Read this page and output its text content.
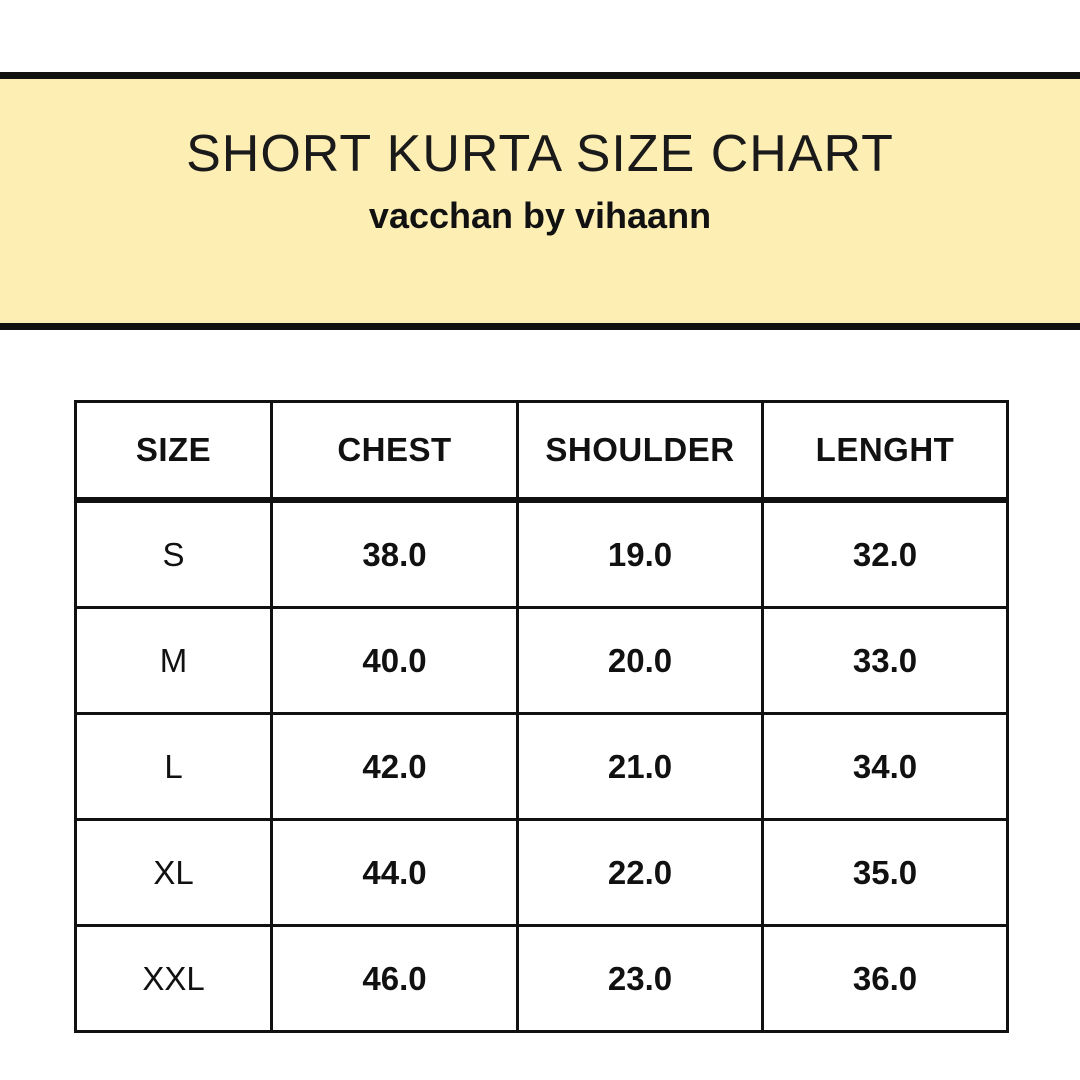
SHORT KURTA SIZE CHART
vacchan by vihaann
SIZE	CHEST	SHOULDER	LENGHT
S	38.0	19.0	32.0
M	40.0	20.0	33.0
L	42.0	21.0	34.0
XL	44.0	22.0	35.0
XXL	46.0	23.0	36.0
